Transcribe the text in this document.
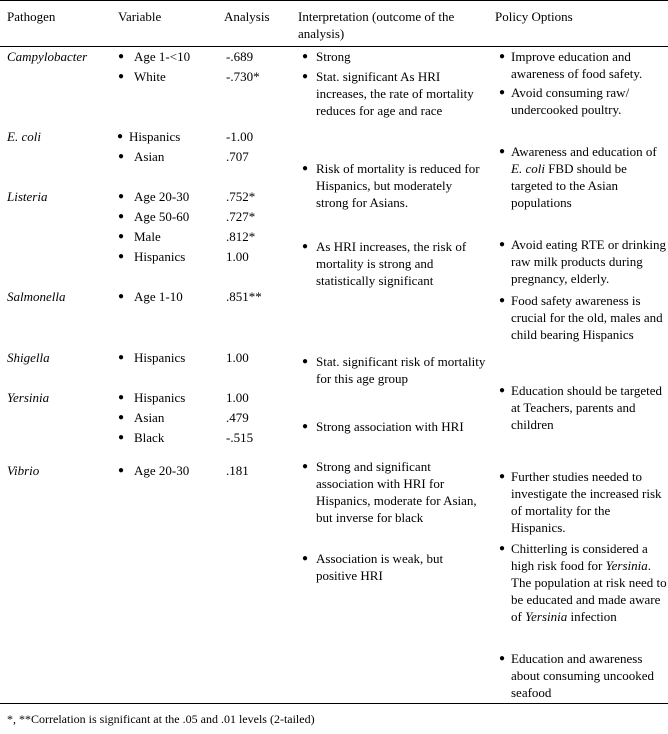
Pathogen	Variable	Analysis Interpretation (outcome of the analysis)
Policy Options
Campylobacter
E. coli
Listeria
Salmonella
Shigella
Yersinia
Vibrio
● Age 1-<10
● White
● Hispanics
● Asian
● Age 20-30
● Age 50-60
● Male
● Hispanics
● Age 1-10
● Hispanics
● Hispanics
● Asian
● Black
● Age 20-30
-.689
-.730*
-1.00
.707
.752*
.727*
.812*
1.00
.851**
1.00
1.00
.479
-.515
.181
● Strong
● Stat. significant As HRI increases, the rate of mortality reduces for age and race
● Risk of mortality is reduced for Hispanics, but moderately strong for Asians.
● As HRI increases, the risk of mortality is strong and statistically significant
● Stat. significant risk of mortality for this age group
● Strong association with HRI
● Strong and significant association with HRI for Hispanics, moderate for Asian, but inverse for black
● Association is weak, but positive HRI
● Improve education and awareness of food safety.
● Avoid consuming raw/ undercooked poultry.
● Awareness and education of E. coli FBD should be targeted to the Asian populations
● Avoid eating RTE or drinking raw milk products during pregnancy, elderly.
● Food safety awareness is crucial for the old, males and child bearing Hispanics
● Education should be targeted at Teachers, parents and children
● Further studies needed to investigate the increased risk of mortality for the Hispanics.
● Chitterling is considered a high risk food for Yersinia. The population at risk need to be educated and made aware of Yersinia infection
● Education and awareness about consuming uncooked seafood
*, **Correlation is significant at the .05 and .01 levels (2-tailed)
